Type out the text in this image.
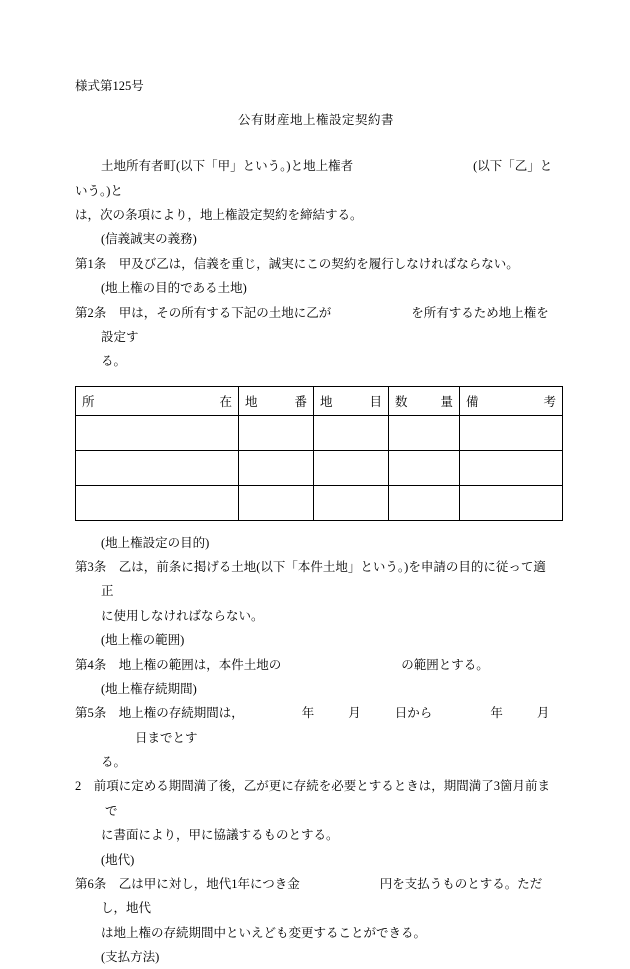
様式第125号
公有財産地上権設定契約書

土地所有者町(以下「甲」という。)と地上権者	(以下「乙」という。)と

は，次の条項により，地上権設定契約を締結する。

(信義誠実の義務)

第1条　甲及び乙は，信義を重じ，誠実にこの契約を履行しなければならない。

(地上権の目的である土地)

第2条　甲は，その所有する下記の土地に乙が	を所有するため地上権を設定す

る。

所 在	地 番	地 目	数 量	備 考

(地上権設定の目的)

第3条　乙は，前条に掲げる土地(以下「本件土地」という。)を申請の目的に従って適正

に使用しなければならない。

(地上権の範囲)

第4条　地上権の範囲は，本件土地の	の範囲とする。

(地上権存続期間)

第5条　地上権の存続期間は，	年	月	日から	年	月日までとす

る。

2　前項に定める期間満了後，乙が更に存続を必要とするときは，期間満了3箇月前まで

に書面により，甲に協議するものとする。

(地代)

第6条　乙は甲に対し，地代1年につき金	円を支払うものとする。ただし，地代

は地上権の存続期間中といえども変更することができる。

(支払方法)
